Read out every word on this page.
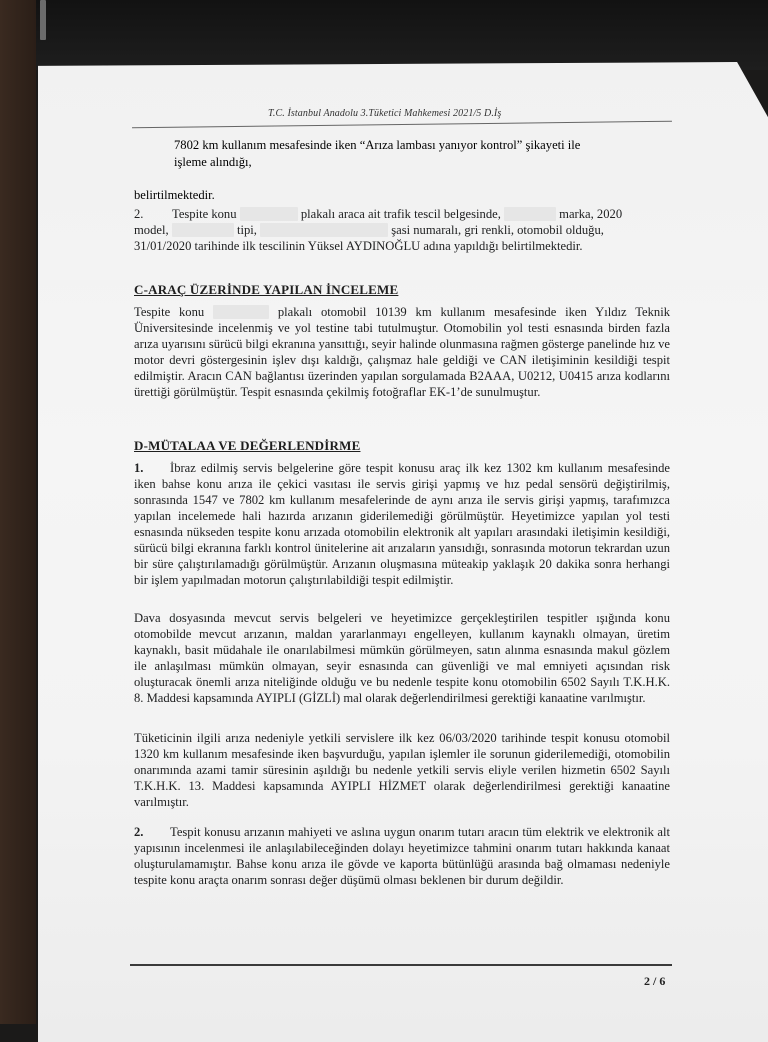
T.C. İstanbul Anadolu 3.Tüketici Mahkemesi 2021/5 D.İş
7802 km kullanım mesafesinde iken “Arıza lambası yanıyor kontrol” şikayeti ile
işleme alındığı,
belirtilmektedir.
2. Tespite konu	plakalı araca ait trafik tescil belgesinde,	marka, 2020
model,	tipi,	şasi numaralı, gri renkli, otomobil olduğu,
31/01/2020 tarihinde ilk tescilinin Yüksel AYDINOĞLU adına yapıldığı belirtilmektedir.
C-ARAÇ ÜZERİNDE YAPILAN İNCELEME
Tespite konu	plakalı otomobil 10139 km kullanım mesafesinde iken Yıldız Teknik Üniversitesinde incelenmiş ve yol testine tabi tutulmuştur. Otomobilin yol testi esnasında birden fazla arıza uyarısını sürücü bilgi ekranına yansıttığı, seyir halinde olunmasına rağmen gösterge panelinde hız ve motor devri göstergesinin işlev dışı kaldığı, çalışmaz hale geldiği ve CAN iletişiminin kesildiği tespit edilmiştir. Aracın CAN bağlantısı üzerinden yapılan sorgulamada B2AAA, U0212, U0415 arıza kodlarını ürettiği görülmüştür. Tespit esnasında çekilmiş fotoğraflar EK-1’de sunulmuştur.
D-MÜTALAA VE DEĞERLENDİRME
1. İbraz edilmiş servis belgelerine göre tespit konusu araç ilk kez 1302 km kullanım mesafesinde iken bahse konu arıza ile çekici vasıtası ile servis girişi yapmış ve hız pedal sensörü değiştirilmiş, sonrasında 1547 ve 7802 km kullanım mesafelerinde de aynı arıza ile servis girişi yapmış, tarafımızca yapılan incelemede hali hazırda arızanın giderilemediği görülmüştür. Heyetimizce yapılan yol testi esnasında nükseden tespite konu arızada otomobilin elektronik alt yapıları arasındaki iletişimin kesildiği, sürücü bilgi ekranına farklı kontrol ünitelerine ait arızaların yansıdığı, sonrasında motorun tekrardan uzun bir süre çalıştırılamadığı görülmüştür. Arızanın oluşmasına müteakip yaklaşık 20 dakika sonra herhangi bir işlem yapılmadan motorun çalıştırılabildiği tespit edilmiştir.
Dava dosyasında mevcut servis belgeleri ve heyetimizce gerçekleştirilen tespitler ışığında konu otomobilde mevcut arızanın, maldan yararlanmayı engelleyen, kullanım kaynaklı olmayan, üretim kaynaklı, basit müdahale ile onarılabilmesi mümkün görülmeyen, satın alınma esnasında makul gözlem ile anlaşılması mümkün olmayan, seyir esnasında can güvenliği ve mal emniyeti açısından risk oluşturacak önemli arıza niteliğinde olduğu ve bu nedenle tespite konu otomobilin 6502 Sayılı T.K.H.K. 8. Maddesi kapsamında AYIPLI (GİZLİ) mal olarak değerlendirilmesi gerektiği kanaatine varılmıştır.
Tüketicinin ilgili arıza nedeniyle yetkili servislere ilk kez 06/03/2020 tarihinde tespit konusu otomobil 1320 km kullanım mesafesinde iken başvurduğu, yapılan işlemler ile sorunun giderilemediği, otomobilin onarımında azami tamir süresinin aşıldığı bu nedenle yetkili servis eliyle verilen hizmetin 6502 Sayılı T.K.H.K. 13. Maddesi kapsamında AYIPLI HİZMET olarak değerlendirilmesi gerektiği kanaatine varılmıştır.
2. Tespit konusu arızanın mahiyeti ve aslına uygun onarım tutarı aracın tüm elektrik ve elektronik alt yapısının incelenmesi ile anlaşılabileceğinden dolayı heyetimizce tahmini onarım tutarı hakkında kanaat oluşturulamamıştır. Bahse konu arıza ile gövde ve kaporta bütünlüğü arasında bağ olmaması nedeniyle tespite konu araçta onarım sonrası değer düşümü olması beklenen bir durum değildir.
2 / 6
